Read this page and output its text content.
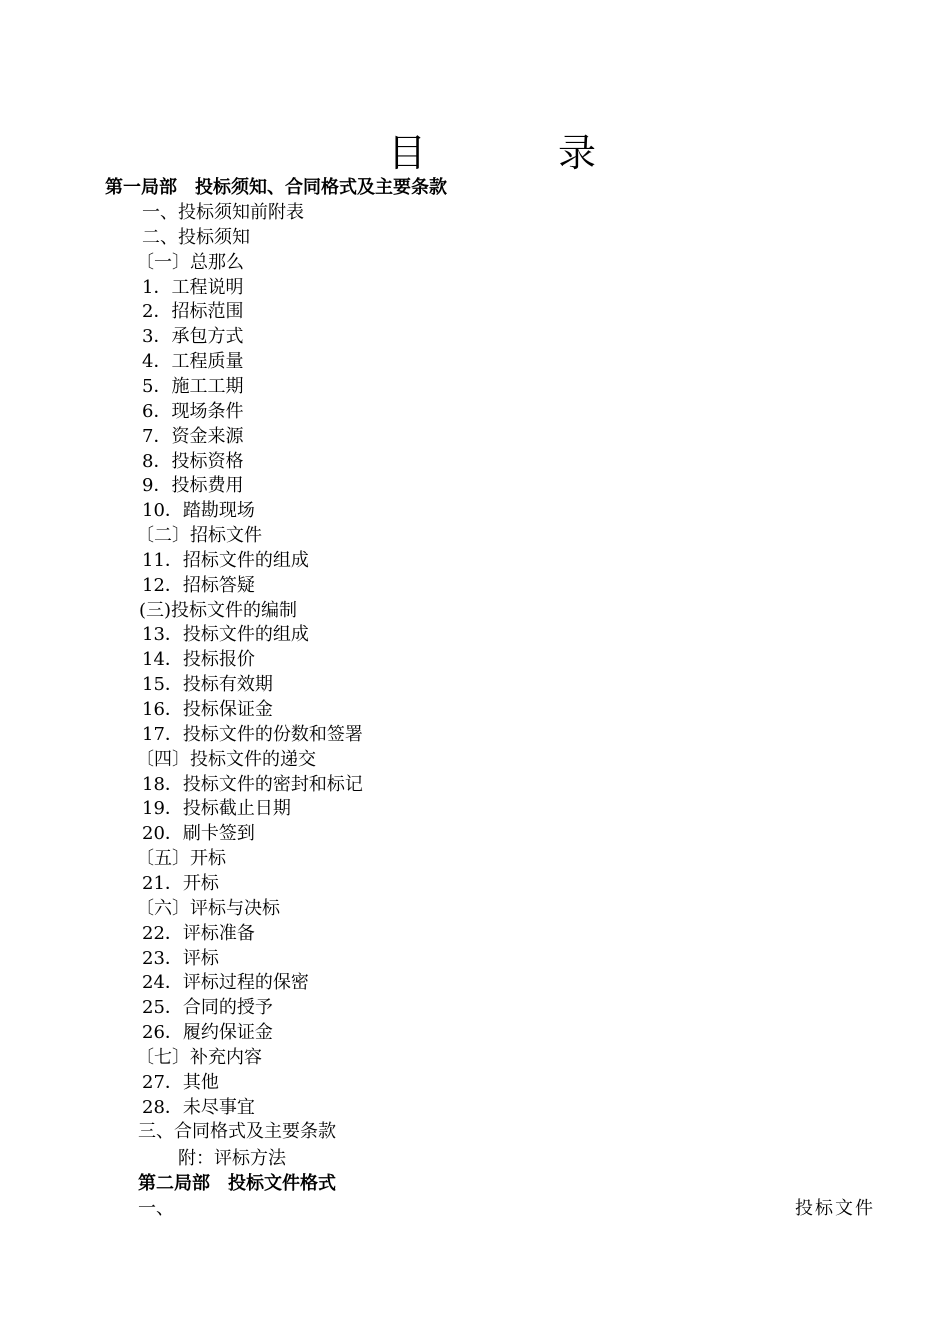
目	录
第一局部　投标须知、合同格式及主要条款
一、投标须知前附表
二、投标须知
〔一〕总那么
1．工程说明
2．招标范围
3．承包方式
4．工程质量
5．施工工期
6．现场条件
7．资金来源
8．投标资格
9．投标费用
10．踏勘现场
〔二〕招标文件
11．招标文件的组成
12．招标答疑
(三)投标文件的编制
13．投标文件的组成
14．投标报价
15．投标有效期
16．投标保证金
17．投标文件的份数和签署
〔四〕投标文件的递交
18．投标文件的密封和标记
19．投标截止日期
20．刷卡签到
〔五〕开标
21．开标
〔六〕评标与决标
22．评标准备
23．评标
24．评标过程的保密
25．合同的授予
26．履约保证金
〔七〕补充内容
27．其他
28．未尽事宜
三、合同格式及主要条款
附：评标方法
第二局部　投标文件格式
一、	投标文件
